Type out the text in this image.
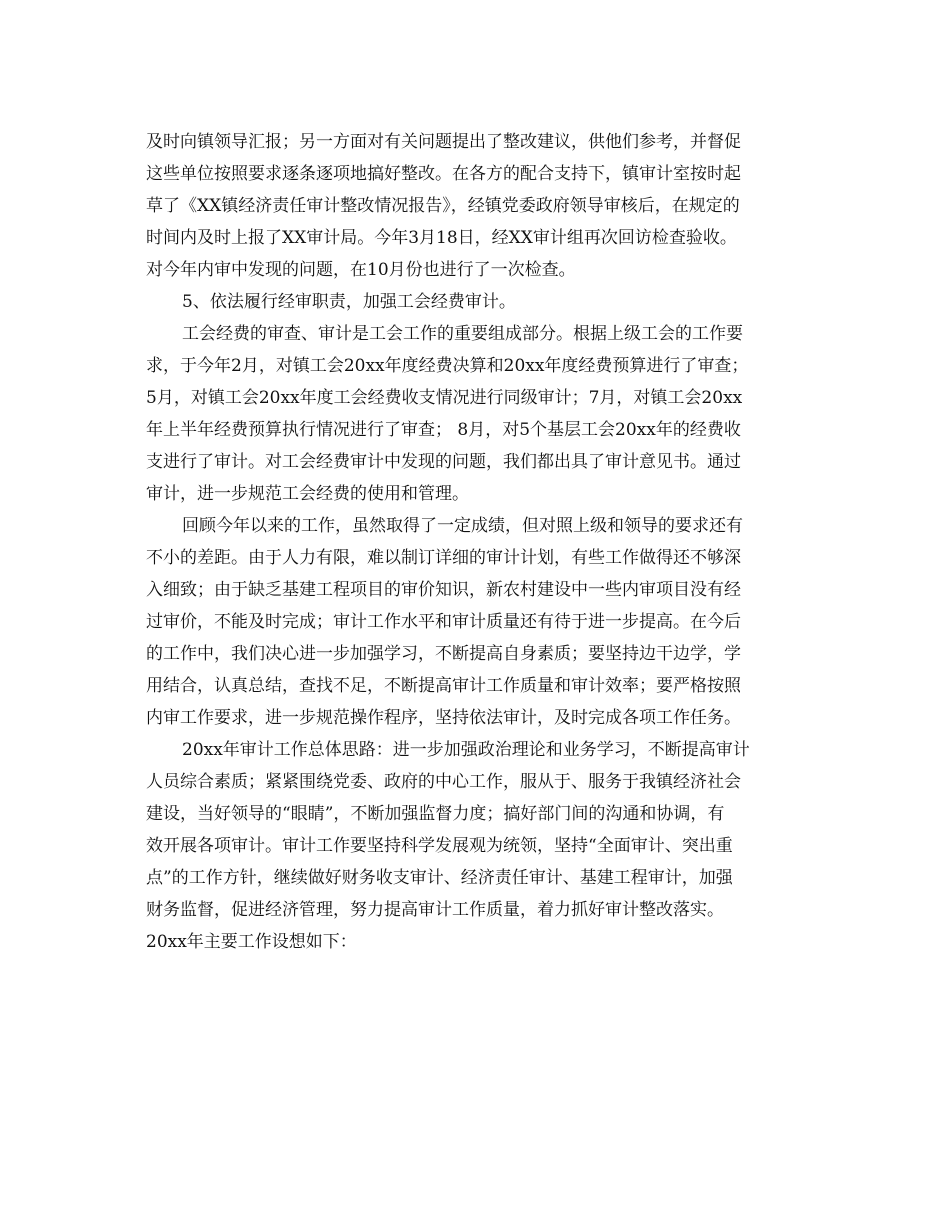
及时向镇领导汇报；另一方面对有关问题提出了整改建议，供他们参考，并督促
这些单位按照要求逐条逐项地搞好整改。在各方的配合支持下，镇审计室按时起
草了《XX镇经济责任审计整改情况报告》，经镇党委政府领导审核后，在规定的
时间内及时上报了XX审计局。今年3月18日，经XX审计组再次回访检查验收。
对今年内审中发现的问题，在10月份也进行了一次检查。
5、依法履行经审职责，加强工会经费审计。
工会经费的审查、审计是工会工作的重要组成部分。根据上级工会的工作要
求，于今年2月，对镇工会20xx年度经费决算和20xx年度经费预算进行了审查；
5月，对镇工会20xx年度工会经费收支情况进行同级审计；7月，对镇工会20xx
年上半年经费预算执行情况进行了审查； 8月，对5个基层工会20xx年的经费收
支进行了审计。对工会经费审计中发现的问题，我们都出具了审计意见书。通过
审计，进一步规范工会经费的使用和管理。
回顾今年以来的工作，虽然取得了一定成绩，但对照上级和领导的要求还有
不小的差距。由于人力有限，难以制订详细的审计计划，有些工作做得还不够深
入细致；由于缺乏基建工程项目的审价知识，新农村建设中一些内审项目没有经
过审价，不能及时完成；审计工作水平和审计质量还有待于进一步提高。在今后
的工作中，我们决心进一步加强学习，不断提高自身素质；要坚持边干边学，学
用结合，认真总结，查找不足，不断提高审计工作质量和审计效率；要严格按照
内审工作要求，进一步规范操作程序，坚持依法审计，及时完成各项工作任务。
20xx年审计工作总体思路：进一步加强政治理论和业务学习，不断提高审计
人员综合素质；紧紧围绕党委、政府的中心工作，服从于、服务于我镇经济社会
建设，当好领导的“眼睛”，不断加强监督力度；搞好部门间的沟通和协调，有
效开展各项审计。审计工作要坚持科学发展观为统领，坚持“全面审计、突出重
点”的工作方针，继续做好财务收支审计、经济责任审计、基建工程审计，加强
财务监督，促进经济管理，努力提高审计工作质量，着力抓好审计整改落实。
20xx年主要工作设想如下：
